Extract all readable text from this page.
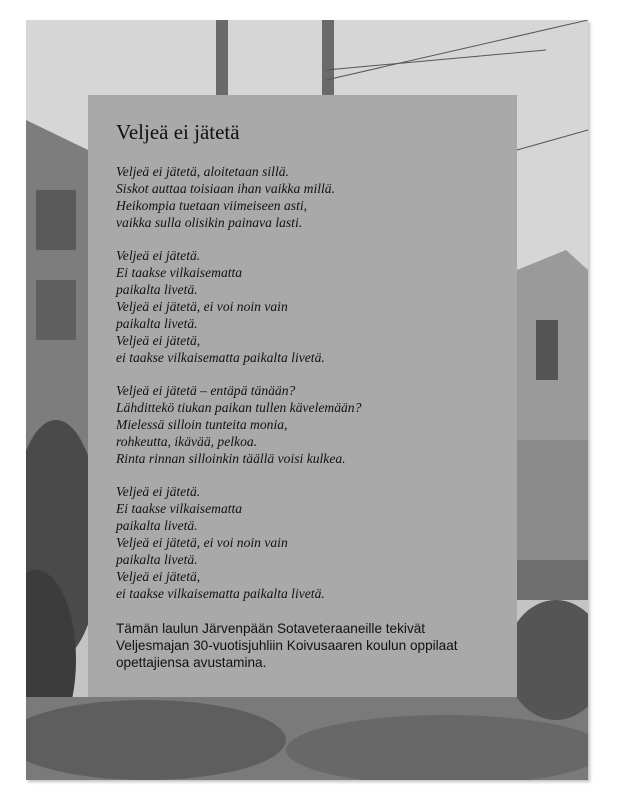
Veljeä ei jätetä
Veljeä ei jätetä, aloitetaan sillä.
Siskot auttaa toisiaan ihan vaikka millä.
Heikompia tuetaan viimeiseen asti,
vaikka sulla olisikin painava lasti.
Veljeä ei jätetä.
Ei taakse vilkaisematta
paikalta livetä.
Veljeä ei jätetä, ei voi noin vain
paikalta livetä.
Veljeä ei jätetä,
ei taakse vilkaisematta paikalta livetä.
Veljeä ei jätetä – entäpä tänään?
Lähdittekö tiukan paikan tullen kävelemään?
Mielessä silloin tunteita monia,
rohkeutta, ikävää, pelkoa.
Rinta rinnan silloinkin täällä voisi kulkea.
Veljeä ei jätetä.
Ei taakse vilkaisematta
paikalta livetä.
Veljeä ei jätetä, ei voi noin vain
paikalta livetä.
Veljeä ei jätetä,
ei taakse vilkaisematta paikalta livetä.

Tämän laulun Järvenpään Sotaveteraaneille tekivät Veljesmajan 30-vuotisjuhliin Koivusaaren koulun oppilaat opettajiensa avustamina.
